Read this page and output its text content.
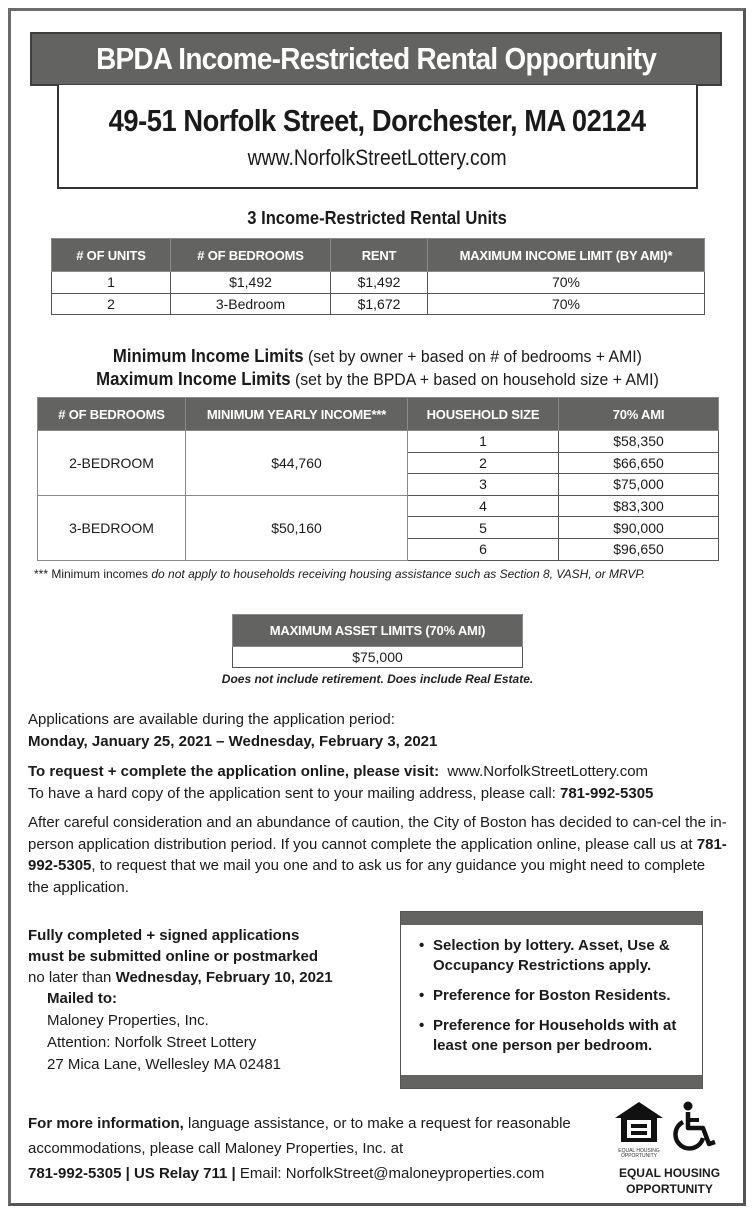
BPDA Income-Restricted Rental Opportunity
49-51 Norfolk Street, Dorchester, MA 02124
www.NorfolkStreetLottery.com
3 Income-Restricted Rental Units
# OF UNITS	# OF BEDROOMS	RENT	MAXIMUM INCOME LIMIT (BY AMI)*
1	$1,492	$1,492	70%
2	3-Bedroom	$1,672	70%
Minimum Income Limits (set by owner + based on # of bedrooms + AMI)
Maximum Income Limits (set by the BPDA + based on household size + AMI)
# OF BEDROOMS	MINIMUM YEARLY INCOME***	HOUSEHOLD SIZE	70% AMI
2-BEDROOM	$44,760	1	$58,350
		2	$66,650
		3	$75,000
3-BEDROOM	$50,160	4	$83,300
		5	$90,000
		6	$96,650
*** Minimum incomes do not apply to households receiving housing assistance such as Section 8, VASH, or MRVP.
MAXIMUM ASSET LIMITS (70% AMI)
$75,000
Does not include retirement. Does include Real Estate.
Applications are available during the application period:
Monday, January 25, 2021 – Wednesday, February 3, 2021
To request + complete the application online, please visit: www.NorfolkStreetLottery.com
To have a hard copy of the application sent to your mailing address, please call: 781-992-5305
After careful consideration and an abundance of caution, the City of Boston has decided to can-cel the in-person application distribution period. If you cannot complete the application online, please call us at 781-992-5305, to request that we mail you one and to ask us for any guidance you might need to complete the application.
Fully completed + signed applications
must be submitted online or postmarked
no later than Wednesday, February 10, 2021
Mailed to:
Maloney Properties, Inc.
Attention: Norfolk Street Lottery
27 Mica Lane, Wellesley MA 02481
• Selection by lottery. Asset, Use & Occupancy Restrictions apply.
• Preference for Boston Residents.
• Preference for Households with at least one person per bedroom.
For more information, language assistance, or to make a request for reasonable accommodations, please call Maloney Properties, Inc. at
781-992-5305 | US Relay 711 | Email: NorfolkStreet@maloneyproperties.com
EQUAL HOUSING
OPPORTUNITY
EQUAL HOUSING
OPPORTUNITY
